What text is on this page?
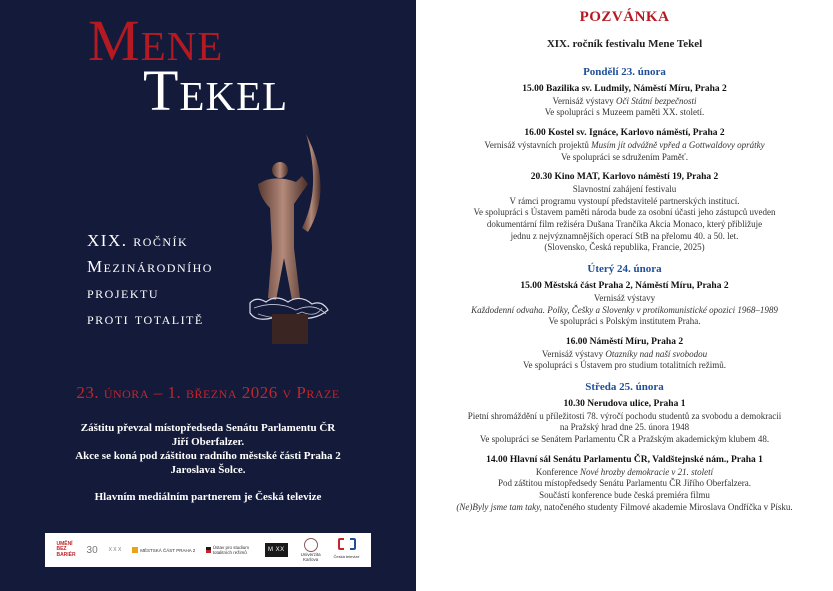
Mene
Tekel
XIX. ročník
Mezinárodního
projektu
proti totalitě
23. února – 1. března 2026 v Praze
Záštitu převzal místopředseda Senátu Parlamentu ČR
Jiří Oberfalzer.
Akce se koná pod záštitou radního městské části Praha 2
Jaroslava Šolce.
Hlavním mediálním partnerem je Česká televize
UMĚNÍ
BEZ
BARIÉR 30 X X X	MĚSTSKÁ ČÁST PRAHA 2	Ústav pro studium totalitních režimů	M XX
Univerzita Karlova
Česká televize
POZVÁNKA
XIX. ročník festivalu Mene Tekel
Pondělí 23. února
15.00 Bazilika sv. Ludmily, Náměstí Míru, Praha 2
Vernisáž výstavy Oči Státní bezpečnosti
Ve spolupráci s Muzeem paměti XX. století.
16.00 Kostel sv. Ignáce, Karlovo náměstí, Praha 2
Vernisáž výstavních projektů Musím jít odvážně vpřed a Gottwaldovy oprátky
Ve spolupráci se sdružením Paměť.
20.30 Kino MAT, Karlovo náměstí 19, Praha 2
Slavnostní zahájení festivalu
V rámci programu vystoupí představitelé partnerských institucí.
Ve spolupráci s Ústavem paměti národa bude za osobní účasti jeho zástupců uveden
dokumentární film režiséra Dušana Trančíka Akcia Monaco, který přibližuje
jednu z nejvýznamnějších operací StB na přelomu 40. a 50. let.
(Slovensko, Česká republika, Francie, 2025)
Úterý 24. února
15.00 Městská část Praha 2, Náměstí Míru, Praha 2
Vernisáž výstavy
Každodenní odvaha. Polky, Češky a Slovenky v protikomunistické opozici 1968–1989
Ve spolupráci s Polským institutem Praha.
16.00 Náměstí Míru, Praha 2
Vernisáž výstavy Otazníky nad naší svobodou
Ve spolupráci s Ústavem pro studium totalitních režimů.
Středa 25. února
10.30 Nerudova ulice, Praha 1
Pietní shromáždění u příležitosti 78. výročí pochodu studentů za svobodu a demokracii
na Pražský hrad dne 25. února 1948
Ve spolupráci se Senátem Parlamentu ČR a Pražským akademickým klubem 48.
14.00 Hlavní sál Senátu Parlamentu ČR, Valdštejnské nám., Praha 1
Konference Nové hrozby demokracie v 21. století
Pod záštitou místopředsedy Senátu Parlamentu ČR Jiřího Oberfalzera.
Součástí konference bude česká premiéra filmu
(Ne)Byly jsme tam taky, natočeného studenty Filmové akademie Miroslava Ondříčka v Písku.
